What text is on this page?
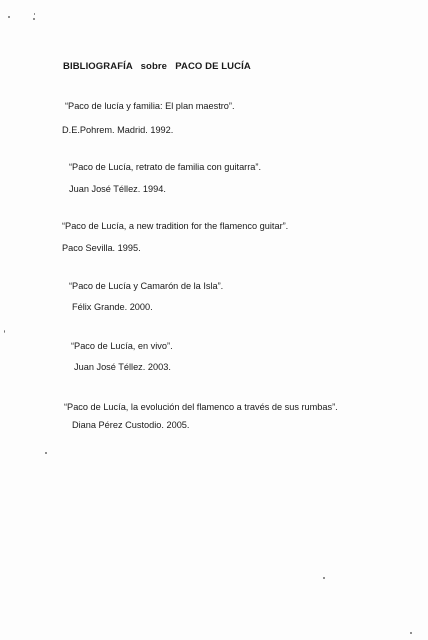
BIBLIOGRAFÍA   sobre   PACO DE LUCÍA
“Paco de lucía y familia: El plan maestro”.
D.E.Pohrem. Madrid. 1992.
“Paco de Lucía, retrato de familia con guitarra”.
Juan José Téllez. 1994.
“Paco de Lucía, a new tradition for the flamenco guitar”.
Paco Sevilla. 1995.
“Paco de Lucía y Camarón de la Isla”.
Félix Grande. 2000.
“Paco de Lucía, en vivo”.
Juan José Téllez. 2003.
“Paco de Lucía, la evolución del flamenco a través de sus rumbas”.
Diana Pérez Custodio. 2005.
